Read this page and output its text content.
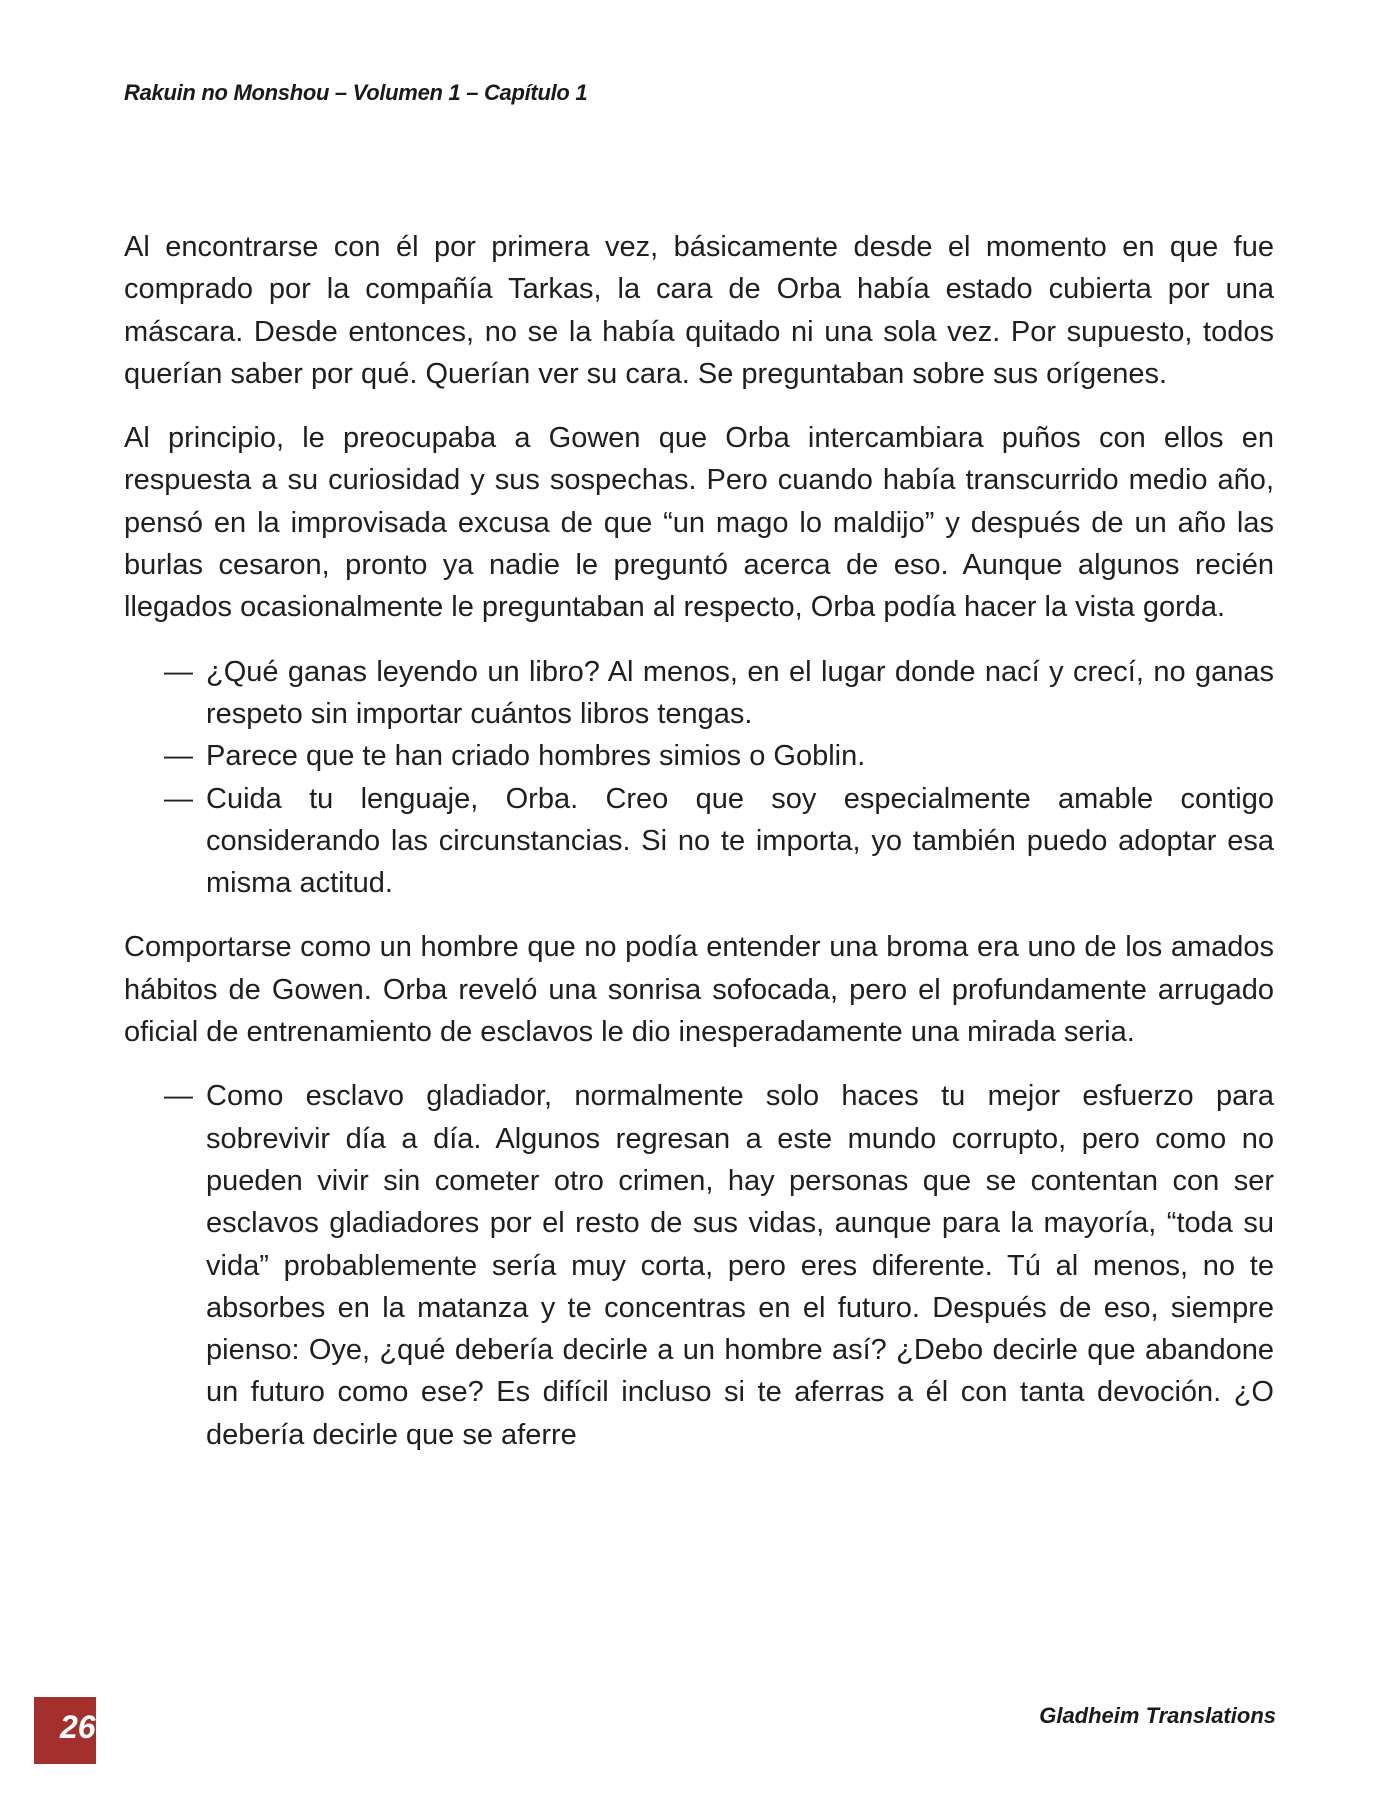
Rakuin no Monshou – Volumen 1 – Capítulo 1

Al encontrarse con él por primera vez, básicamente desde el momento en que fue comprado por la compañía Tarkas, la cara de Orba había estado cubierta por una máscara. Desde entonces, no se la había quitado ni una sola vez. Por supuesto, todos querían saber por qué. Querían ver su cara. Se preguntaban sobre sus orígenes.

Al principio, le preocupaba a Gowen que Orba intercambiara puños con ellos en respuesta a su curiosidad y sus sospechas. Pero cuando había transcurrido medio año, pensó en la improvisada excusa de que “un mago lo maldijo” y después de un año las burlas cesaron, pronto ya nadie le preguntó acerca de eso. Aunque algunos recién llegados ocasionalmente le preguntaban al respecto, Orba podía hacer la vista gorda.

— ¿Qué ganas leyendo un libro? Al menos, en el lugar donde nací y crecí, no ganas respeto sin importar cuántos libros tengas.
— Parece que te han criado hombres simios o Goblin.
— Cuida tu lenguaje, Orba. Creo que soy especialmente amable contigo considerando las circunstancias. Si no te importa, yo también puedo adoptar esa misma actitud.

Comportarse como un hombre que no podía entender una broma era uno de los amados hábitos de Gowen. Orba reveló una sonrisa sofocada, pero el profundamente arrugado oficial de entrenamiento de esclavos le dio inesperadamente una mirada seria.

— Como esclavo gladiador, normalmente solo haces tu mejor esfuerzo para sobrevivir día a día. Algunos regresan a este mundo corrupto, pero como no pueden vivir sin cometer otro crimen, hay personas que se contentan con ser esclavos gladiadores por el resto de sus vidas, aunque para la mayoría, “toda su vida” probablemente sería muy corta, pero eres diferente. Tú al menos, no te absorbes en la matanza y te concentras en el futuro. Después de eso, siempre pienso: Oye, ¿qué debería decirle a un hombre así? ¿Debo decirle que abandone un futuro como ese? Es difícil incluso si te aferras a él con tanta devoción. ¿O debería decirle que se aferre
26	Gladheim Translations
